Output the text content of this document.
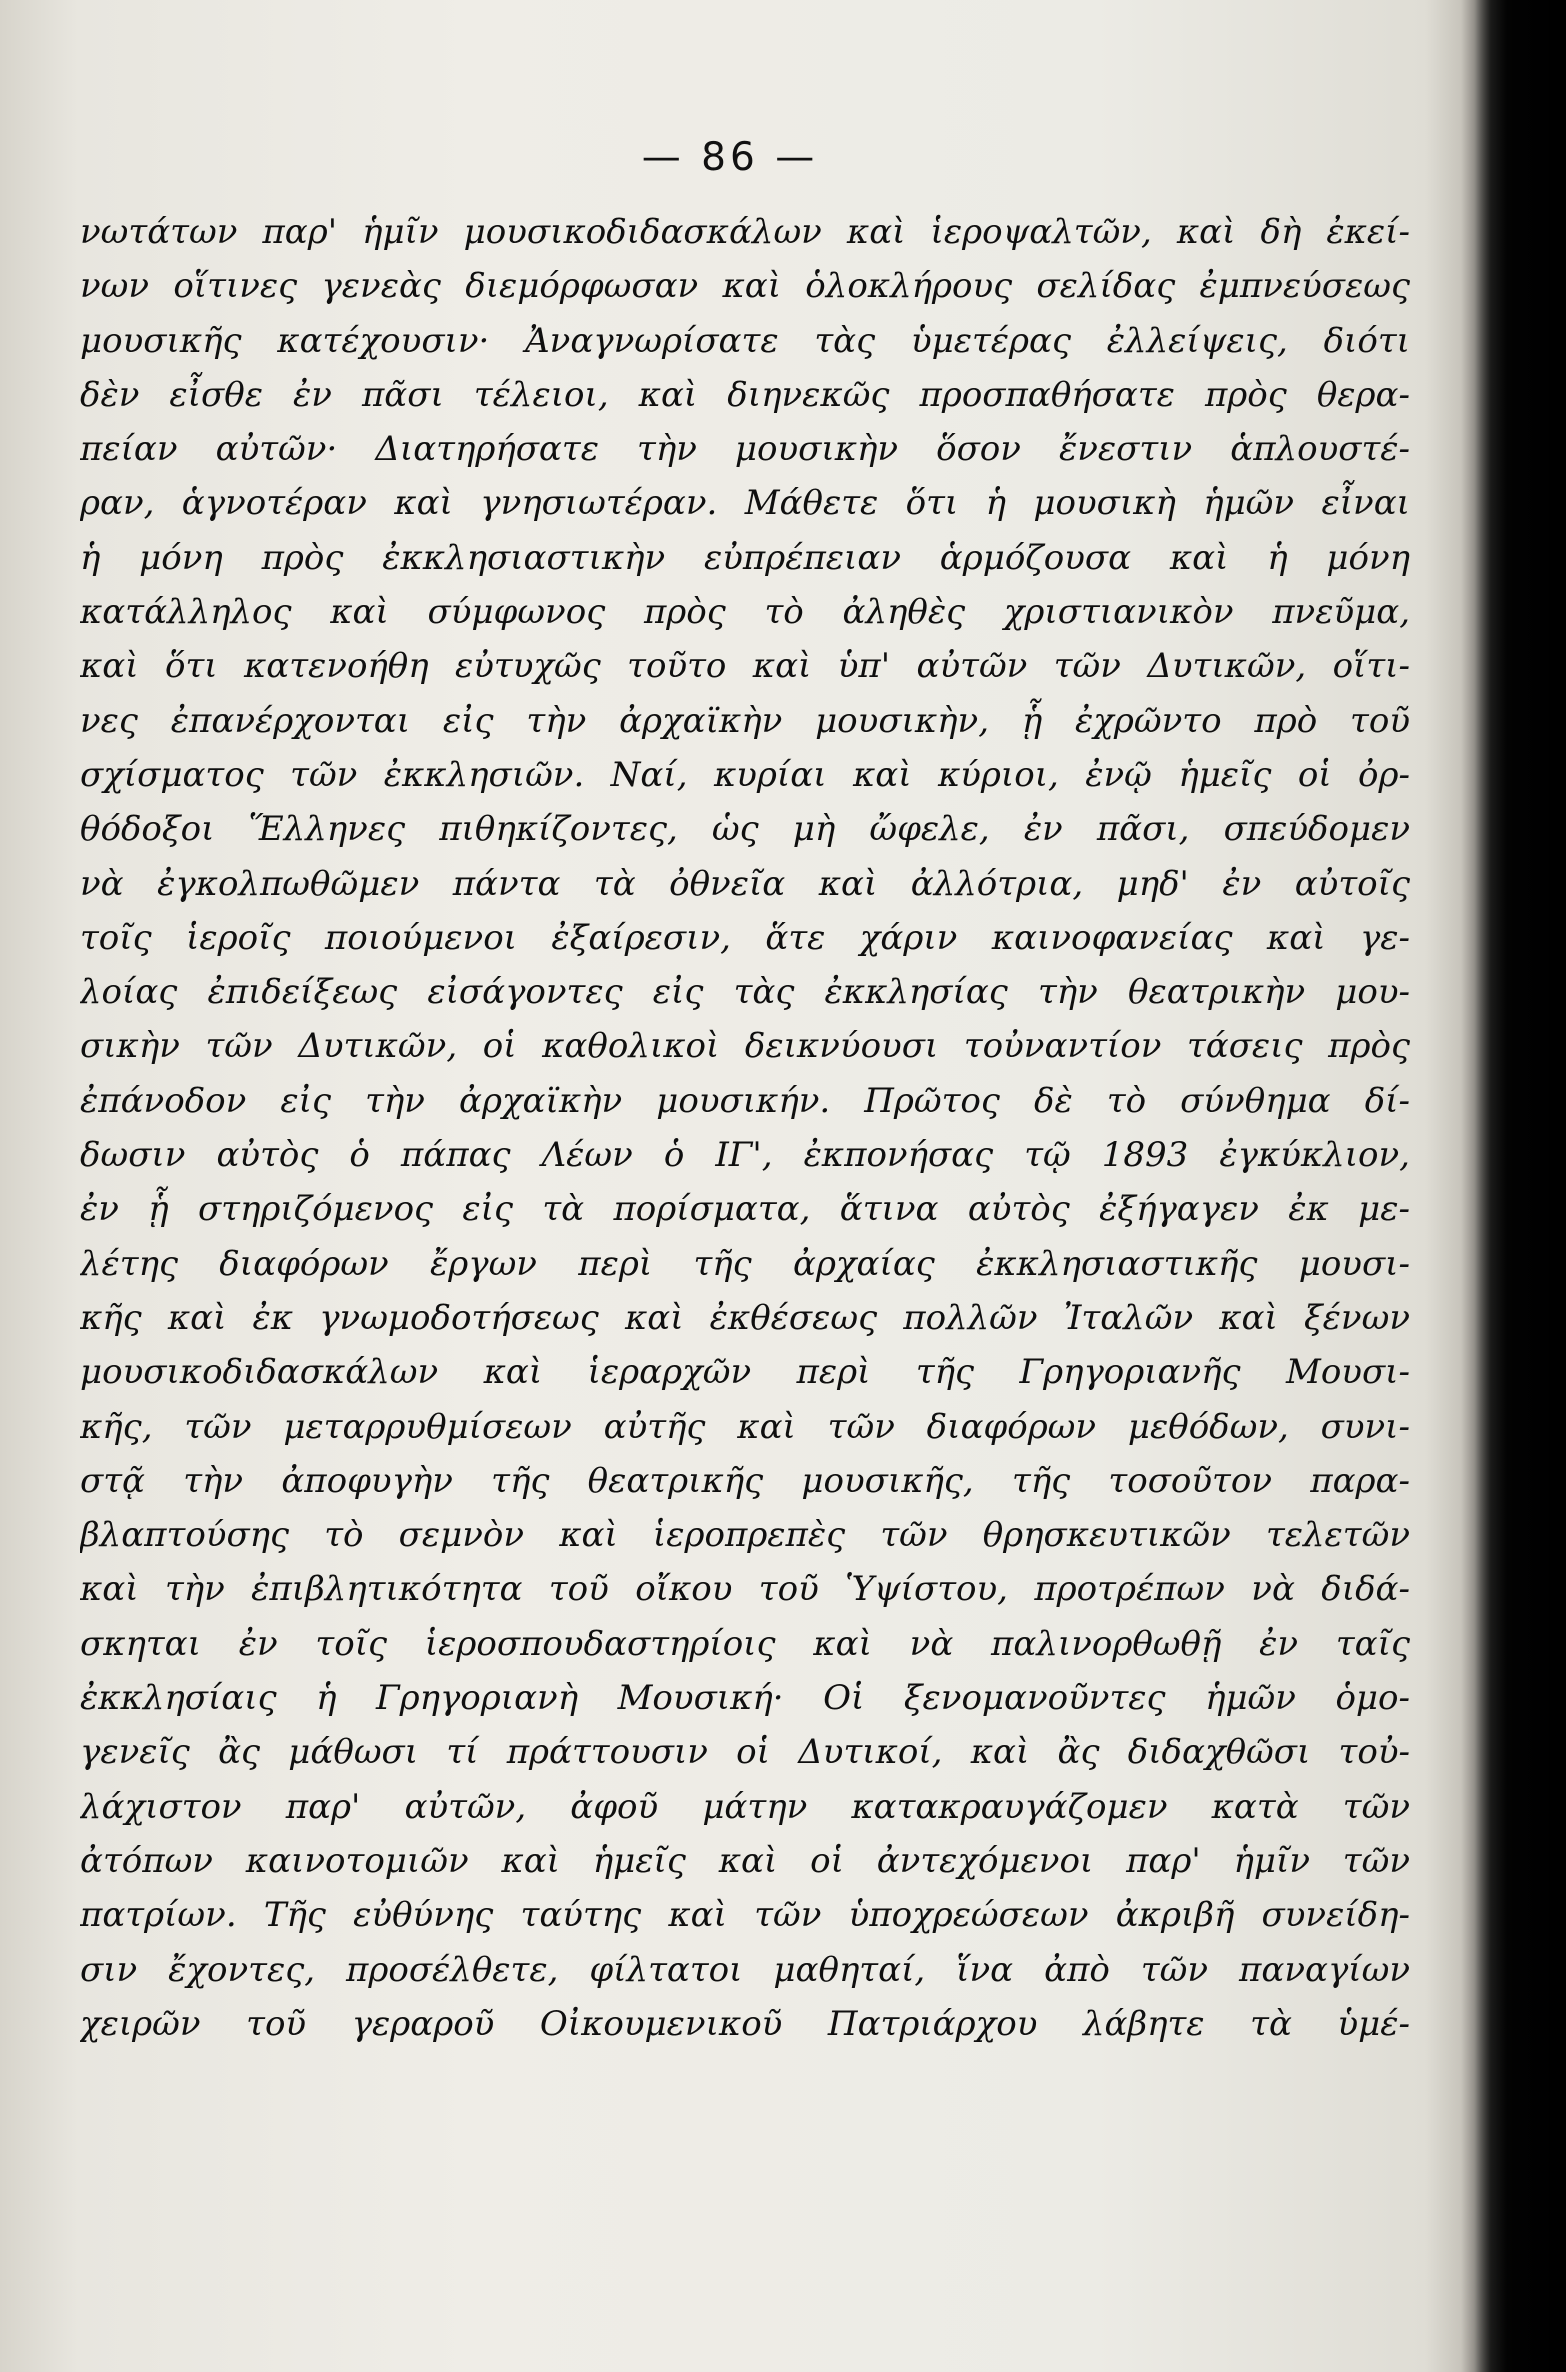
— 86 —
νωτάτων παρ' ἡμῖν μουσικοδιδασκάλων καὶ ἱεροψαλτῶν, καὶ δὴ ἐκεί-
νων οἵτινες γενεὰς διεμόρφωσαν καὶ ὁλοκλήρους σελίδας ἐμπνεύσεως
μουσικῆς κατέχουσιν· Ἀναγνωρίσατε τὰς ὑμετέρας ἐλλείψεις, διότι
δὲν εἶσθε ἐν πᾶσι τέλειοι, καὶ διηνεκῶς προσπαθήσατε πρὸς θερα-
πείαν αὐτῶν· Διατηρήσατε τὴν μουσικὴν ὅσον ἔνεστιν ἁπλουστέ-
ραν, ἁγνοτέραν καὶ γνησιωτέραν. Μάθετε ὅτι ἡ μουσικὴ ἡμῶν εἶναι
ἡ μόνη πρὸς ἐκκλησιαστικὴν εὐπρέπειαν ἁρμόζουσα καὶ ἡ μόνη
κατάλληλος καὶ σύμφωνος πρὸς τὸ ἀληθὲς χριστιανικὸν πνεῦμα,
καὶ ὅτι κατενοήθη εὐτυχῶς τοῦτο καὶ ὑπ' αὐτῶν τῶν Δυτικῶν, οἵτι-
νες ἐπανέρχονται εἰς τὴν ἀρχαϊκὴν μουσικὴν, ᾗ ἐχρῶντο πρὸ τοῦ
σχίσματος τῶν ἐκκλησιῶν. Ναί, κυρίαι καὶ κύριοι, ἐνῷ ἡμεῖς οἱ ὀρ-
θόδοξοι Ἕλληνες πιθηκίζοντες, ὡς μὴ ὤφελε, ἐν πᾶσι, σπεύδομεν
νὰ ἐγκολπωθῶμεν πάντα τὰ ὀθνεῖα καὶ ἀλλότρια, μηδ' ἐν αὐτοῖς
τοῖς ἱεροῖς ποιούμενοι ἐξαίρεσιν, ἅτε χάριν καινοφανείας καὶ γε-
λοίας ἐπιδείξεως εἰσάγοντες εἰς τὰς ἐκκλησίας τὴν θεατρικὴν μου-
σικὴν τῶν Δυτικῶν, οἱ καθολικοὶ δεικνύουσι τοὐναντίον τάσεις πρὸς
ἐπάνοδον εἰς τὴν ἀρχαϊκὴν μουσικήν. Πρῶτος δὲ τὸ σύνθημα δί-
δωσιν αὐτὸς ὁ πάπας Λέων ὁ ΙΓ', ἐκπονήσας τῷ 1893 ἐγκύκλιον,
ἐν ᾗ στηριζόμενος εἰς τὰ πορίσματα, ἅτινα αὐτὸς ἐξήγαγεν ἐκ με-
λέτης διαφόρων ἔργων περὶ τῆς ἀρχαίας ἐκκλησιαστικῆς μουσι-
κῆς καὶ ἐκ γνωμοδοτήσεως καὶ ἐκθέσεως πολλῶν Ἰταλῶν καὶ ξένων
μουσικοδιδασκάλων καὶ ἱεραρχῶν περὶ τῆς Γρηγοριανῆς Μουσι-
κῆς, τῶν μεταρρυθμίσεων αὐτῆς καὶ τῶν διαφόρων μεθόδων, συνι-
στᾷ τὴν ἀποφυγὴν τῆς θεατρικῆς μουσικῆς, τῆς τοσοῦτον παρα-
βλαπτούσης τὸ σεμνὸν καὶ ἱεροπρεπὲς τῶν θρησκευτικῶν τελετῶν
καὶ τὴν ἐπιβλητικότητα τοῦ οἴκου τοῦ Ὑψίστου, προτρέπων νὰ διδά-
σκηται ἐν τοῖς ἱεροσπουδαστηρίοις καὶ νὰ παλινορθωθῇ ἐν ταῖς
ἐκκλησίαις ἡ Γρηγοριανὴ Μουσική· Οἱ ξενομανοῦντες ἡμῶν ὁμο-
γενεῖς ἂς μάθωσι τί πράττουσιν οἱ Δυτικοί, καὶ ἂς διδαχθῶσι τοὐ-
λάχιστον παρ' αὐτῶν, ἀφοῦ μάτην κατακραυγάζομεν κατὰ τῶν
ἀτόπων καινοτομιῶν καὶ ἡμεῖς καὶ οἱ ἀντεχόμενοι παρ' ἡμῖν τῶν
πατρίων. Τῆς εὐθύνης ταύτης καὶ τῶν ὑποχρεώσεων ἀκριβῆ συνείδη-
σιν ἔχοντες, προσέλθετε, φίλτατοι μαθηταί, ἵνα ἀπὸ τῶν παναγίων
χειρῶν τοῦ γεραροῦ Οἰκουμενικοῦ Πατριάρχου λάβητε τὰ ὑμέ-
